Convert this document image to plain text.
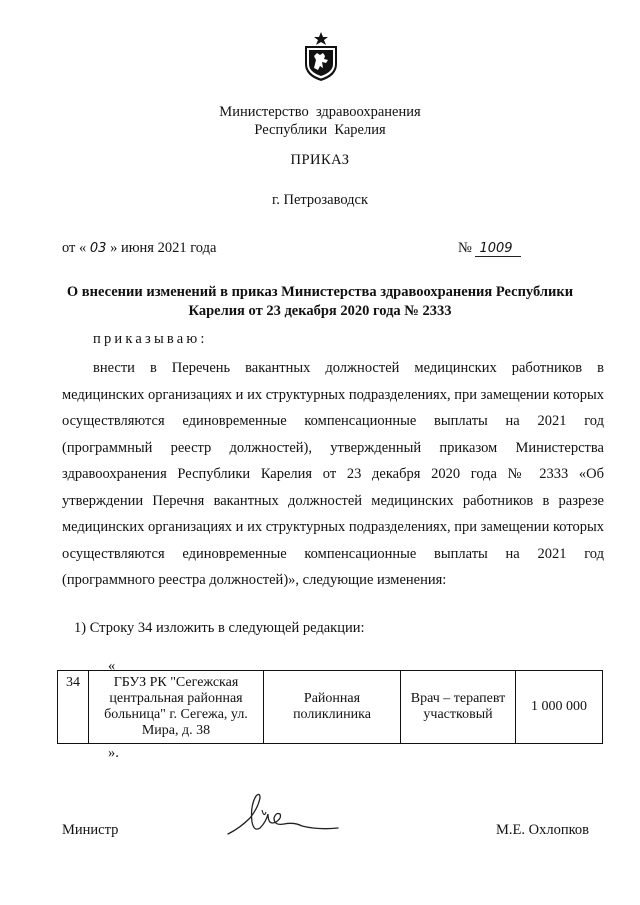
Министерство  здравоохранения
Республики  Карелия
ПРИКАЗ
г. Петрозаводск
от « 03 » июня 2021 года	№ 1009
О внесении изменений в приказ Министерства здравоохранения Республики
Карелия от 23 декабря 2020 года № 2333
приказываю:
внести в Перечень вакантных должностей медицинских работников в медицинских организациях и их структурных подразделениях, при замещении которых осуществляются единовременные компенсационные выплаты на 2021 год (программный реестр должностей), утвержденный приказом Министерства здравоохранения Республики Карелия от 23 декабря 2020 года № 2333 «Об утверждении Перечня вакантных должностей медицинских работников в разрезе медицинских организациях и их структурных подразделениях, при замещении которых осуществляются единовременные компенсационные выплаты на 2021 год (программного реестра должностей)», следующие изменения:
1) Строку 34 изложить в следующей редакции:
«
34	ГБУЗ РК "Сегежская центральная районная больница" г. Сегежа, ул. Мира, д. 38	Районная поликлиника	Врач – терапевт участковый	1 000 000
».
Министр	М.Е. Охлопков
